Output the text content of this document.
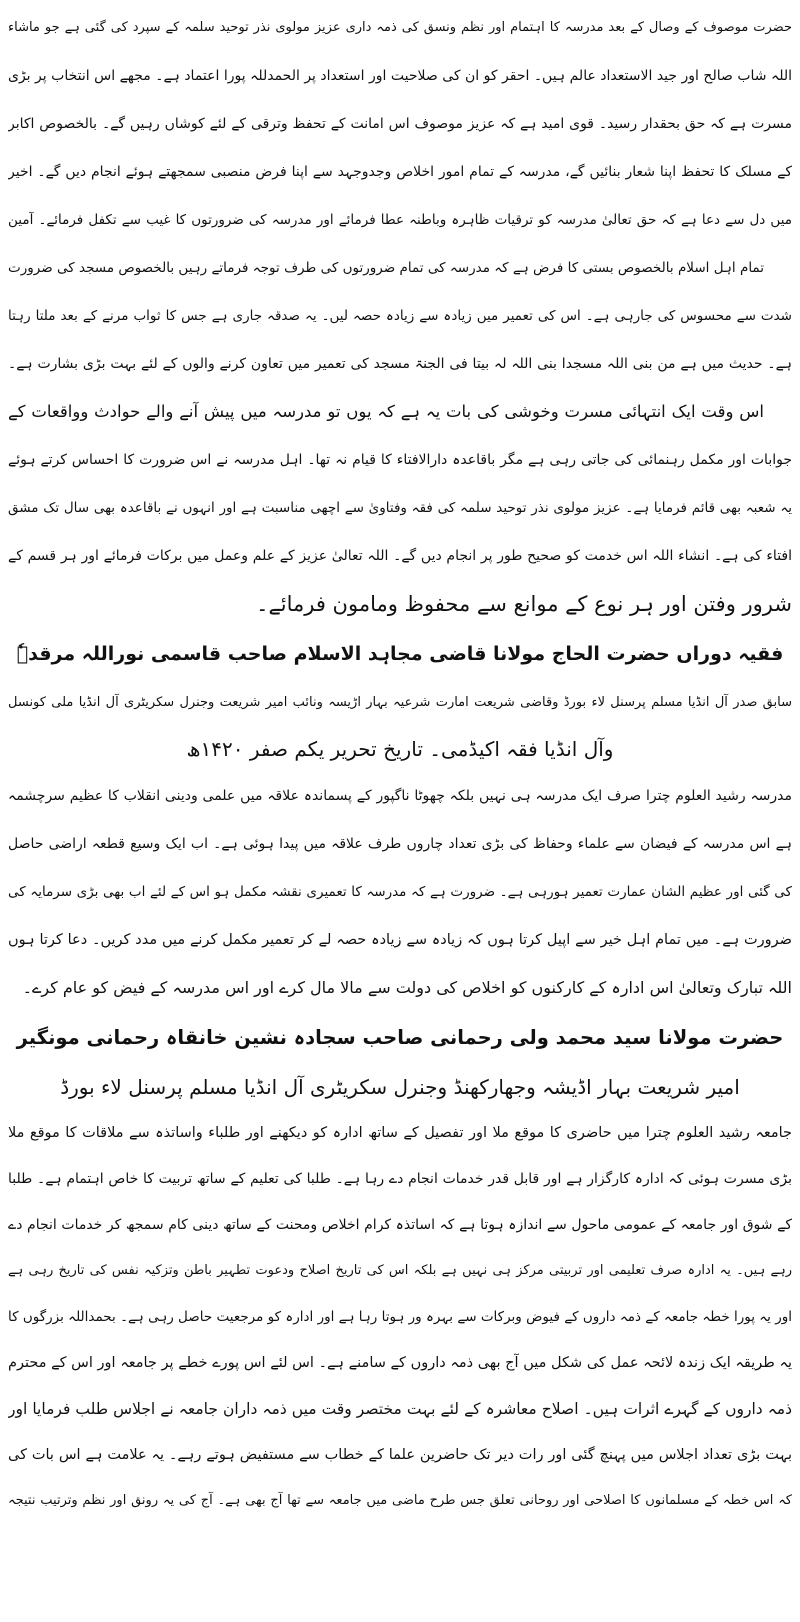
حضرت موصوف کے وصال کے بعد مدرسہ کا اہتمام اور نظم ونسق کی ذمہ داری عزیز مولوی نذر توحید سلمہ کے سپرد کی گئی ہے جو ماشاء
اللہ شاب صالح اور جید الاستعداد عالم ہیں۔ احقر کو ان کی صلاحیت اور استعداد پر الحمدللہ پورا اعتماد ہے۔ مجھے اس انتخاب پر بڑی
مسرت ہے کہ حق بحقدار رسید۔ قوی امید ہے کہ عزیز موصوف اس امانت کے تحفظ وترقی کے لئے کوشاں رہیں گے۔ بالخصوص اکابر
کے مسلک کا تحفظ اپنا شعار بنائیں گے، مدرسہ کے تمام امور اخلاص وجدوجہد سے اپنا فرض منصبی سمجھتے ہوئے انجام دیں گے۔ اخیر
میں دل سے دعا ہے کہ حق تعالیٰ مدرسہ کو ترقیات ظاہرہ وباطنہ عطا فرمائے اور مدرسہ کی ضرورتوں کا غیب سے تکفل فرمائے۔ آمین
تمام اہل اسلام بالخصوص بستی کا فرض ہے کہ مدرسہ کی تمام ضرورتوں کی طرف توجہ فرماتے رہیں بالخصوص مسجد کی ضرورت
شدت سے محسوس کی جارہی ہے۔ اس کی تعمیر میں زیادہ سے زیادہ حصہ لیں۔ یہ صدقہ جاری ہے جس کا ثواب مرنے کے بعد ملتا رہتا
ہے۔ حدیث میں ہے من بنی اللہ مسجدا بنی اللہ لہ بیتا فی الجنۃ مسجد کی تعمیر میں تعاون کرنے والوں کے لئے بہت بڑی بشارت ہے۔
اس وقت ایک انتہائی مسرت وخوشی کی بات یہ ہے کہ یوں تو مدرسہ میں پیش آنے والے حوادث وواقعات کے
جوابات اور مکمل رہنمائی کی جاتی رہی ہے مگر باقاعدہ دارالافتاء کا قیام نہ تھا۔ اہل مدرسہ نے اس ضرورت کا احساس کرتے ہوئے
یہ شعبہ بھی قائم فرمایا ہے۔ عزیز مولوی نذر توحید سلمہ کی فقہ وفتاویٰ سے اچھی مناسبت ہے اور انہوں نے باقاعدہ بھی سال تک مشق
افتاء کی ہے۔ انشاء اللہ اس خدمت کو صحیح طور پر انجام دیں گے۔ اللہ تعالیٰ عزیز کے علم وعمل میں برکات فرمائے اور ہر قسم کے
شرور وفتن اور ہر نوع کے موانع سے محفوظ ومامون فرمائے۔
فقیہ دوراں حضرت الحاج مولانا قاضی مجاہد الاسلام صاحب قاسمی نوراللہ مرقدہٗ
سابق صدر آل انڈیا مسلم پرسنل لاء بورڈ وقاضی شریعت امارت شرعیہ بہار اڑیسہ ونائب امیر شریعت وجنرل سکریٹری آل انڈیا ملی کونسل
وآل انڈیا فقہ اکیڈمی۔ تاریخ تحریر یکم صفر ۱۴۲۰ھ
مدرسہ رشید العلوم چترا صرف ایک مدرسہ ہی نہیں بلکہ چھوٹا ناگپور کے پسماندہ علاقہ میں علمی ودینی انقلاب کا عظیم سرچشمہ
ہے اس مدرسہ کے فیضان سے علماء وحفاظ کی بڑی تعداد چاروں طرف علاقہ میں پیدا ہوئی ہے۔ اب ایک وسیع قطعہ اراضی حاصل
کی گئی اور عظیم الشان عمارت تعمیر ہورہی ہے۔ ضرورت ہے کہ مدرسہ کا تعمیری نقشہ مکمل ہو اس کے لئے اب بھی بڑی سرمایہ کی
ضرورت ہے۔ میں تمام اہل خیر سے اپیل کرتا ہوں کہ زیادہ سے زیادہ حصہ لے کر تعمیر مکمل کرنے میں مدد کریں۔ دعا کرتا ہوں
اللہ تبارک وتعالیٰ اس ادارہ کے کارکنوں کو اخلاص کی دولت سے مالا مال کرے اور اس مدرسہ کے فیض کو عام کرے۔
حضرت مولانا سید محمد ولی رحمانی صاحب سجادہ نشین خانقاہ رحمانی مونگیر
امیر شریعت بہار اڈیشہ وجھارکھنڈ وجنرل سکریٹری آل انڈیا مسلم پرسنل لاء بورڈ
جامعہ رشید العلوم چترا میں حاضری کا موقع ملا اور تفصیل کے ساتھ ادارہ کو دیکھنے اور طلباء واساتذہ سے ملاقات کا موقع ملا
بڑی مسرت ہوئی کہ ادارہ کارگزار ہے اور قابل قدر خدمات انجام دے رہا ہے۔ طلبا کی تعلیم کے ساتھ تربیت کا خاص اہتمام ہے۔ طلبا
کے شوق اور جامعہ کے عمومی ماحول سے اندازہ ہوتا ہے کہ اساتذہ کرام اخلاص ومحنت کے ساتھ دینی کام سمجھ کر خدمات انجام دے
رہے ہیں۔ یہ ادارہ صرف تعلیمی اور تربیتی مرکز ہی نہیں ہے بلکہ اس کی تاریخ اصلاح ودعوت تطہیر باطن وتزکیہ نفس کی تاریخ رہی ہے
اور یہ پورا خطہ جامعہ کے ذمہ داروں کے فیوض وبرکات سے بہرہ ور ہوتا رہا ہے اور ادارہ کو مرجعیت حاصل رہی ہے۔ بحمداللہ بزرگوں کا
یہ طریقہ ایک زندہ لائحہ عمل کی شکل میں آج بھی ذمہ داروں کے سامنے ہے۔ اس لئے اس پورے خطے پر جامعہ اور اس کے محترم
ذمہ داروں کے گہرے اثرات ہیں۔ اصلاح معاشرہ کے لئے بہت مختصر وقت میں ذمہ داران جامعہ نے اجلاس طلب فرمایا اور
بہت بڑی تعداد اجلاس میں پہنچ گئی اور رات دیر تک حاضرین علما کے خطاب سے مستفیض ہوتے رہے۔ یہ علامت ہے اس بات کی
کہ اس خطہ کے مسلمانوں کا اصلاحی اور روحانی تعلق جس طرح ماضی میں جامعہ سے تھا آج بھی ہے۔ آج کی یہ رونق اور نظم وترتیب نتیجہ
